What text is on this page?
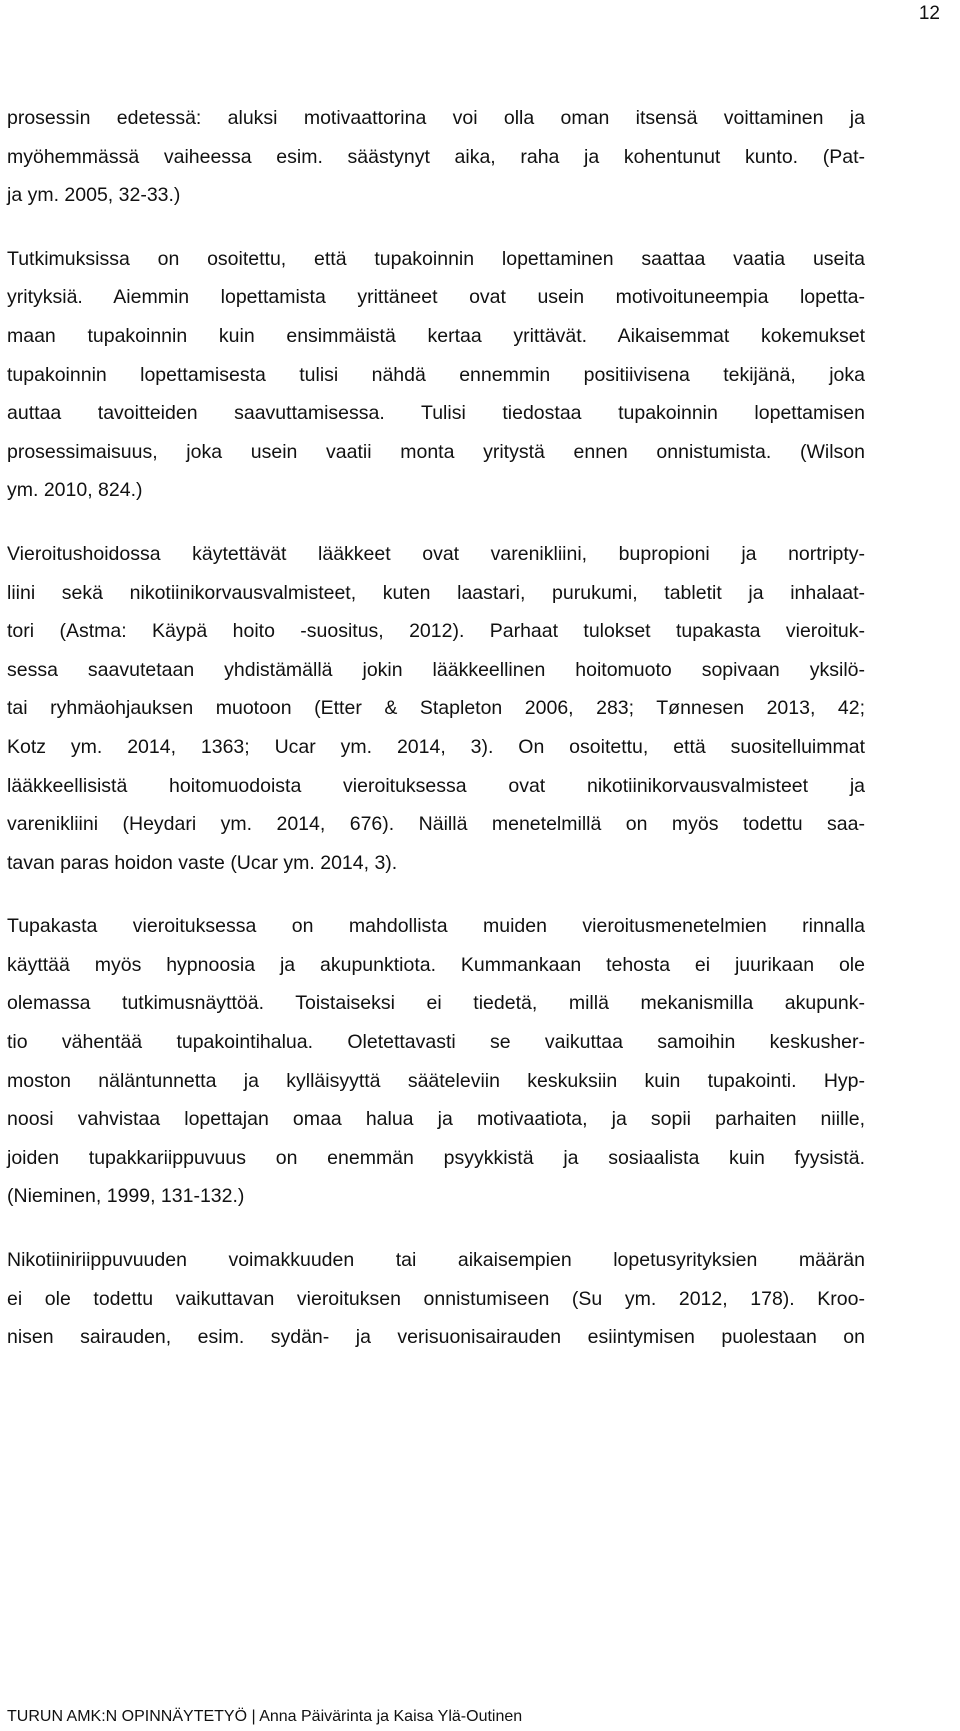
12

prosessin edetessä: aluksi motivaattorina voi olla oman itsensä voittaminen ja
myöhemmässä vaiheessa esim. säästynyt aika, raha ja kohentunut kunto. (Pat-
ja ym. 2005, 32-33.)

Tutkimuksissa on osoitettu, että tupakoinnin lopettaminen saattaa vaatia useita
yrityksiä. Aiemmin lopettamista yrittäneet ovat usein motivoituneempia lopetta-
maan tupakoinnin kuin ensimmäistä kertaa yrittävät. Aikaisemmat kokemukset
tupakoinnin lopettamisesta tulisi nähdä ennemmin positiivisena tekijänä, joka
auttaa tavoitteiden saavuttamisessa. Tulisi tiedostaa tupakoinnin lopettamisen
prosessimaisuus, joka usein vaatii monta yritystä ennen onnistumista. (Wilson
ym. 2010, 824.)

Vieroitushoidossa käytettävät lääkkeet ovat varenikliini, bupropioni ja nortripty-
liini sekä nikotiinikorvausvalmisteet, kuten laastari, purukumi, tabletit ja inhalaat-
tori (Astma: Käypä hoito -suositus, 2012). Parhaat tulokset tupakasta vieroituk-
sessa saavutetaan yhdistämällä jokin lääkkeellinen hoitomuoto sopivaan yksilö-
tai ryhmäohjauksen muotoon (Etter & Stapleton 2006, 283; Tønnesen 2013, 42;
Kotz ym. 2014, 1363; Ucar ym. 2014, 3). On osoitettu, että suositelluimmat
lääkkeellisistä hoitomuodoista vieroituksessa ovat nikotiinikorvausvalmisteet ja
varenikliini (Heydari ym. 2014, 676). Näillä menetelmillä on myös todettu saa-
tavan paras hoidon vaste (Ucar ym. 2014, 3).

Tupakasta vieroituksessa on mahdollista muiden vieroitusmenetelmien rinnalla
käyttää myös hypnoosia ja akupunktiota. Kummankaan tehosta ei juurikaan ole
olemassa tutkimusnäyttöä. Toistaiseksi ei tiedetä, millä mekanismilla akupunk-
tio vähentää tupakointihalua. Oletettavasti se vaikuttaa samoihin keskusher-
moston näläntunnetta ja kylläisyyttä sääteleviin keskuksiin kuin tupakointi. Hyp-
noosi vahvistaa lopettajan omaa halua ja motivaatiota, ja sopii parhaiten niille,
joiden tupakkariippuvuus on enemmän psyykkistä ja sosiaalista kuin fyysistä.
(Nieminen, 1999, 131-132.)

Nikotiiniriippuvuuden voimakkuuden tai aikaisempien lopetusyrityksien määrän
ei ole todettu vaikuttavan vieroituksen onnistumiseen (Su ym. 2012, 178). Kroo-
nisen sairauden, esim. sydän- ja verisuonisairauden esiintymisen puolestaan on

TURUN AMK:N OPINNÄYTETYÖ | Anna Päivärinta ja Kaisa Ylä-Outinen
